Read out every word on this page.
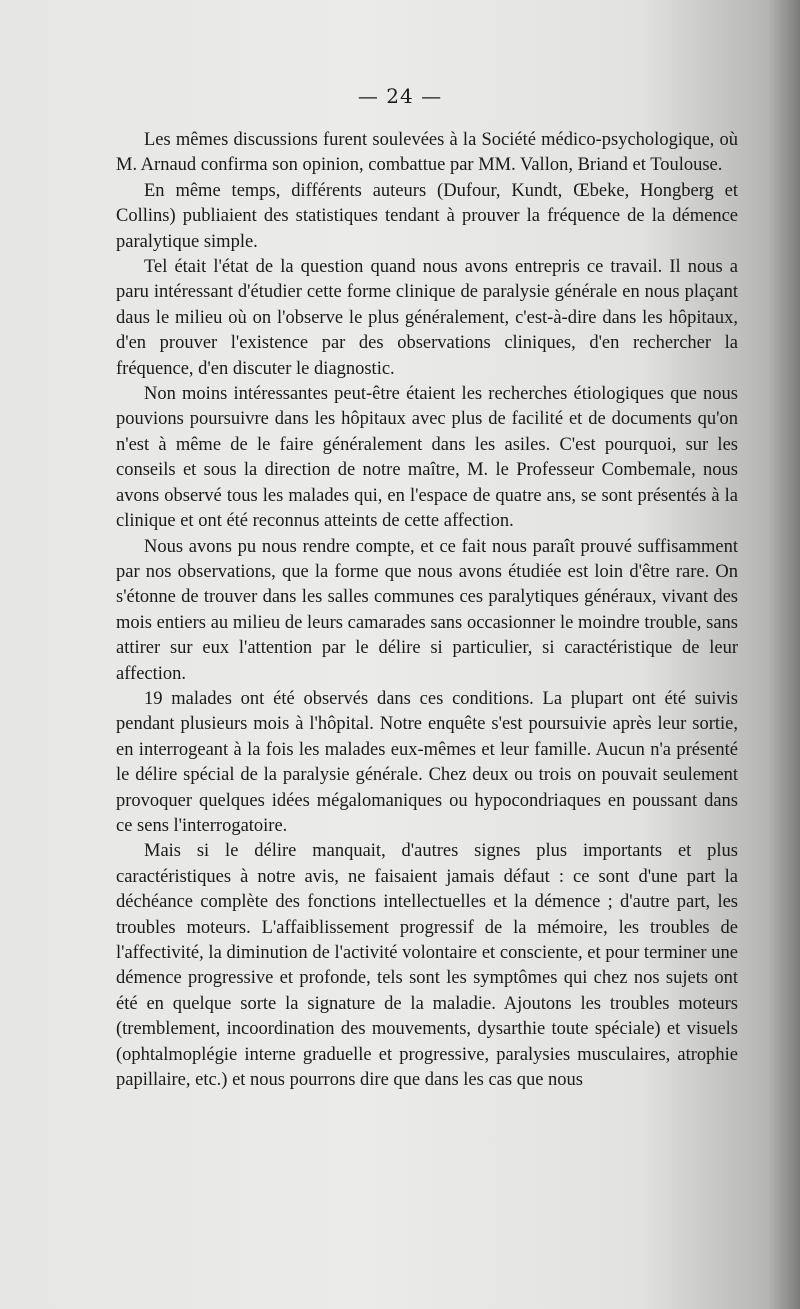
— 24 —

Les mêmes discussions furent soulevées à la Société médico-psychologique, où M. Arnaud confirma son opinion, combattue par MM. Vallon, Briand et Toulouse.

En même temps, différents auteurs (Dufour, Kundt, Œbeke, Hongberg et Collins) publiaient des statistiques tendant à prouver la fréquence de la démence paralytique simple.

Tel était l'état de la question quand nous avons entrepris ce travail. Il nous a paru intéressant d'étudier cette forme clinique de paralysie générale en nous plaçant daus le milieu où on l'observe le plus généralement, c'est-à-dire dans les hôpitaux, d'en prouver l'existence par des observations cliniques, d'en rechercher la fréquence, d'en discuter le diagnostic.

Non moins intéressantes peut-être étaient les recherches étiologiques que nous pouvions poursuivre dans les hôpitaux avec plus de facilité et de documents qu'on n'est à même de le faire généralement dans les asiles. C'est pourquoi, sur les conseils et sous la direction de notre maître, M. le Professeur Combemale, nous avons observé tous les malades qui, en l'espace de quatre ans, se sont présentés à la clinique et ont été reconnus atteints de cette affection.

Nous avons pu nous rendre compte, et ce fait nous paraît prouvé suffisamment par nos observations, que la forme que nous avons étudiée est loin d'être rare. On s'étonne de trouver dans les salles communes ces paralytiques généraux, vivant des mois entiers au milieu de leurs camarades sans occasionner le moindre trouble, sans attirer sur eux l'attention par le délire si particulier, si caractéristique de leur affection.

19 malades ont été observés dans ces conditions. La plupart ont été suivis pendant plusieurs mois à l'hôpital. Notre enquête s'est poursuivie après leur sortie, en interrogeant à la fois les malades eux-mêmes et leur famille. Aucun n'a présenté le délire spécial de la paralysie générale. Chez deux ou trois on pouvait seulement provoquer quelques idées mégalomaniques ou hypocondriaques en poussant dans ce sens l'interrogatoire.

Mais si le délire manquait, d'autres signes plus importants et plus caractéristiques à notre avis, ne faisaient jamais défaut : ce sont d'une part la déchéance complète des fonctions intellectuelles et la démence ; d'autre part, les troubles moteurs. L'affaiblissement progressif de la mémoire, les troubles de l'affectivité, la diminution de l'activité volontaire et consciente, et pour terminer une démence progressive et profonde, tels sont les symptômes qui chez nos sujets ont été en quelque sorte la signature de la maladie. Ajoutons les troubles moteurs (tremblement, incoordination des mouvements, dysarthie toute spéciale) et visuels (ophtalmoplégie interne graduelle et progressive, paralysies musculaires, atrophie papillaire, etc.) et nous pourrons dire que dans les cas que nous
